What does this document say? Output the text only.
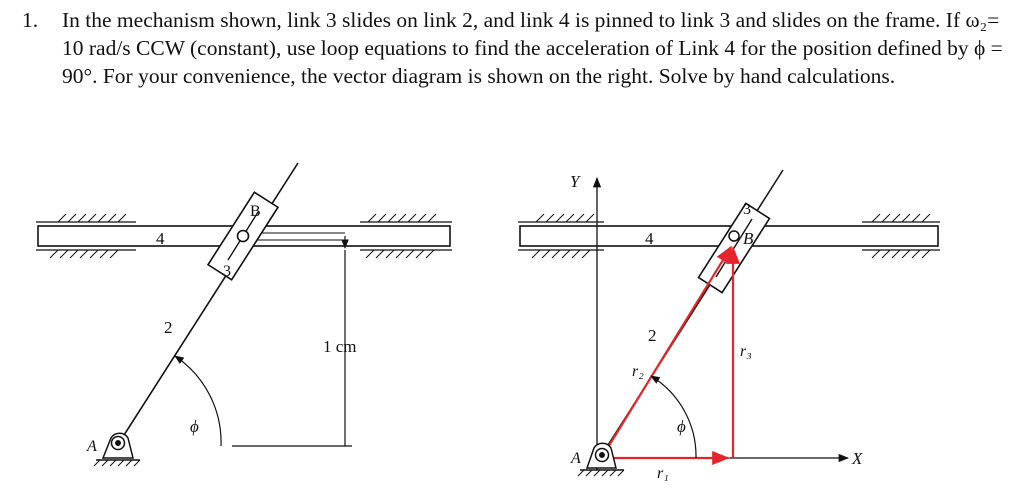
1. In the mechanism shown, link 3 slides on link 2, and link 4 is pinned to link 3 and slides on the frame. If ω₂= 10 rad/s CCW (constant), use loop equations to find the acceleration of Link 4 for the position defined by ϕ = 90°. For your convenience, the vector diagram is shown on the right. Solve by hand calculations.
4
2
B
3
1 cm
ϕ
A
4
Y
X
2
3
B
r₂
r₃
r₁
ϕ
A
